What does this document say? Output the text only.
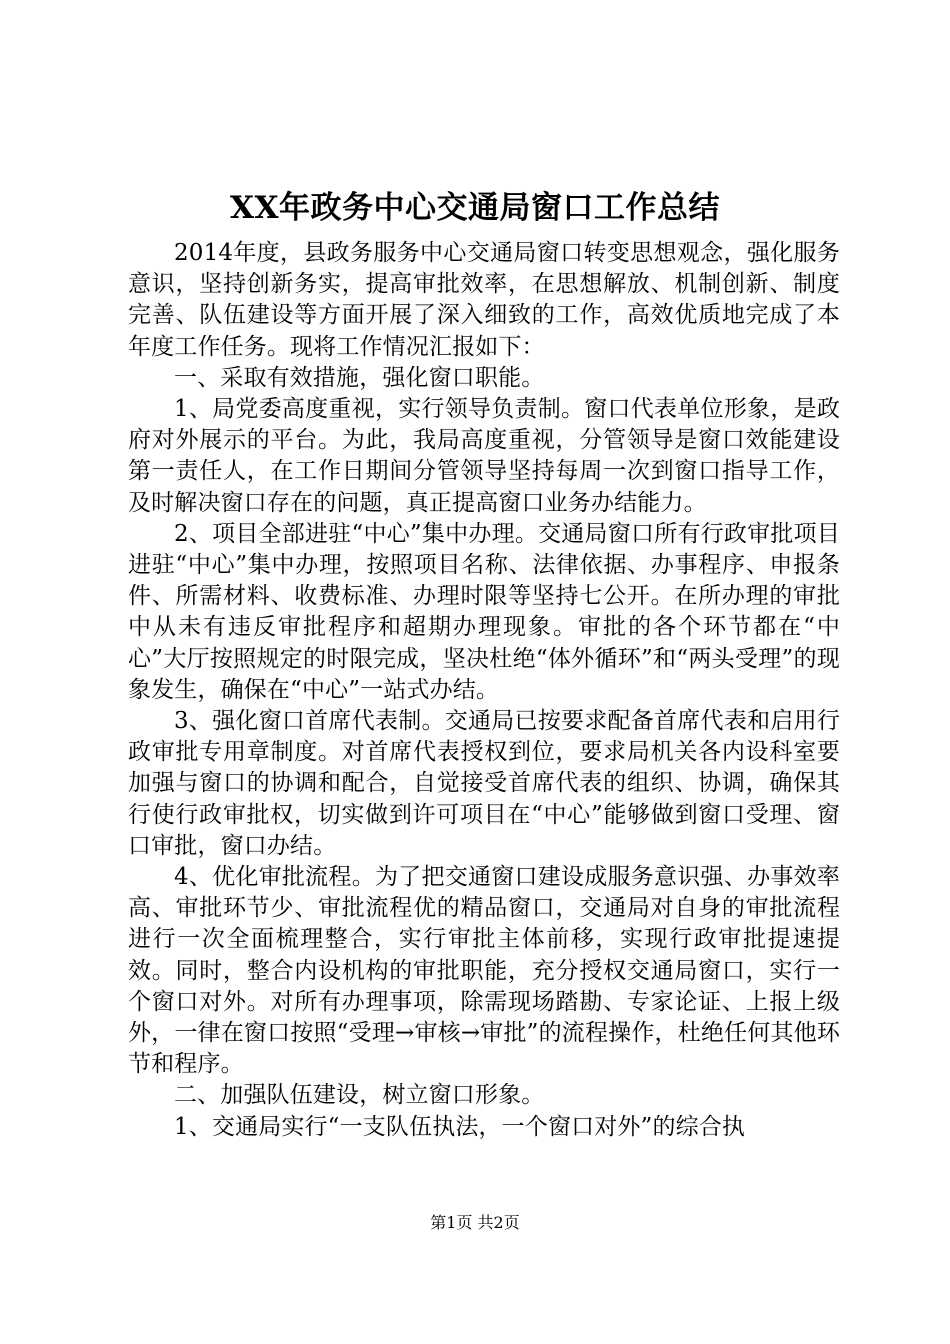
XX年政务中心交通局窗口工作总结

2014年度，县政务服务中心交通局窗口转变思想观念，强化服务意识，坚持创新务实，提高审批效率，在思想解放、机制创新、制度完善、队伍建设等方面开展了深入细致的工作，高效优质地完成了本年度工作任务。现将工作情况汇报如下：

一、采取有效措施，强化窗口职能。

1、局党委高度重视，实行领导负责制。窗口代表单位形象，是政府对外展示的平台。为此，我局高度重视，分管领导是窗口效能建设第一责任人，在工作日期间分管领导坚持每周一次到窗口指导工作，及时解决窗口存在的问题，真正提高窗口业务办结能力。

2、项目全部进驻“中心”集中办理。交通局窗口所有行政审批项目进驻“中心”集中办理，按照项目名称、法律依据、办事程序、申报条件、所需材料、收费标准、办理时限等坚持七公开。在所办理的审批中从未有违反审批程序和超期办理现象。审批的各个环节都在“中心”大厅按照规定的时限完成，坚决杜绝“体外循环”和“两头受理”的现象发生，确保在“中心”一站式办结。

3、强化窗口首席代表制。交通局已按要求配备首席代表和启用行政审批专用章制度。对首席代表授权到位，要求局机关各内设科室要加强与窗口的协调和配合，自觉接受首席代表的组织、协调，确保其行使行政审批权，切实做到许可项目在“中心”能够做到窗口受理、窗口审批，窗口办结。

4、优化审批流程。为了把交通窗口建设成服务意识强、办事效率高、审批环节少、审批流程优的精品窗口，交通局对自身的审批流程进行一次全面梳理整合，实行审批主体前移，实现行政审批提速提效。同时，整合内设机构的审批职能，充分授权交通局窗口，实行一个窗口对外。对所有办理事项，除需现场踏勘、专家论证、上报上级外，一律在窗口按照“受理→审核→审批”的流程操作，杜绝任何其他环节和程序。

二、加强队伍建设，树立窗口形象。

1、交通局实行“一支队伍执法，一个窗口对外”的综合执

第1页 共2页
